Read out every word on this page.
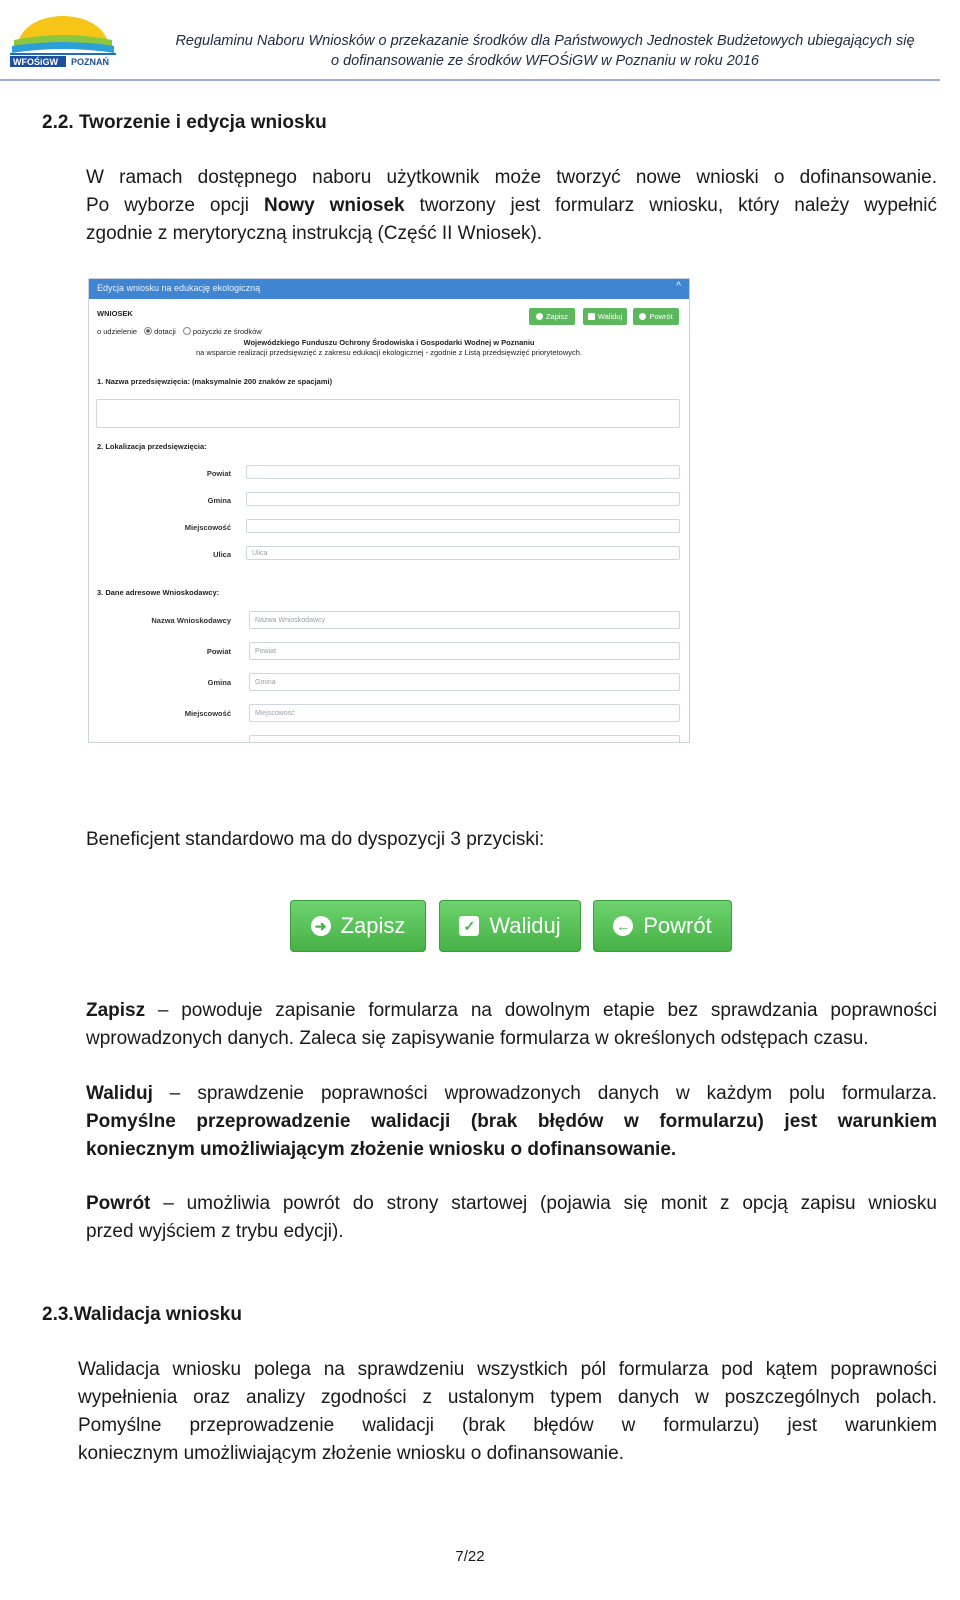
WFOŚiGW POZNAŃ
Regulaminu Naboru Wniosków o przekazanie środków dla Państwowych Jednostek Budżetowych ubiegających się
o dofinansowanie ze środków WFOŚiGW w Poznaniu w roku 2016
2.2. Tworzenie i edycja wniosku
W ramach dostępnego naboru użytkownik może tworzyć nowe wnioski o dofinansowanie.
Po wyborze opcji Nowy wniosek tworzony jest formularz wniosku, który należy wypełnić
zgodnie z merytoryczną instrukcją (Część II Wniosek).
Edycja wniosku na edukację ekologiczną	^
WNIOSEK	Zapisz	Waliduj	Powrót
o udzielenie dotacji pożyczki ze środków
Wojewódzkiego Funduszu Ochrony Środowiska i Gospodarki Wodnej w Poznaniu
na wsparcie realizacji przedsięwzięć z zakresu edukacji ekologicznej - zgodnie z Listą przedsięwzięć priorytetowych.
1. Nazwa przedsięwzięcia: (maksymalnie 200 znaków ze spacjami)
2. Lokalizacja przedsięwzięcia:
Powiat
Gmina
Miejscowość
Ulica	Ulica
3. Dane adresowe Wnioskodawcy:
Nazwa Wnioskodawcy	Nazwa Wnioskodawcy
Powiat	Powiat
Gmina	Gmina
Miejscowość	Miejscowość
Beneficjent standardowo ma do dyspozycji 3 przyciski:
➜ Zapisz	✓ Waliduj	← Powrót
Zapisz – powoduje zapisanie formularza na dowolnym etapie bez sprawdzania poprawności
wprowadzonych danych. Zaleca się zapisywanie formularza w określonych odstępach czasu.
Waliduj – sprawdzenie poprawności wprowadzonych danych w każdym polu formularza.
Pomyślne przeprowadzenie walidacji (brak błędów w formularzu) jest warunkiem
koniecznym umożliwiającym złożenie wniosku o dofinansowanie.
Powrót – umożliwia powrót do strony startowej (pojawia się monit z opcją zapisu wniosku
przed wyjściem z trybu edycji).
2.3.Walidacja wniosku
Walidacja wniosku polega na sprawdzeniu wszystkich pól formularza pod kątem poprawności
wypełnienia oraz analizy zgodności z ustalonym typem danych w poszczególnych polach.
Pomyślne przeprowadzenie walidacji (brak błędów w formularzu) jest warunkiem
koniecznym umożliwiającym złożenie wniosku o dofinansowanie.
7/22
